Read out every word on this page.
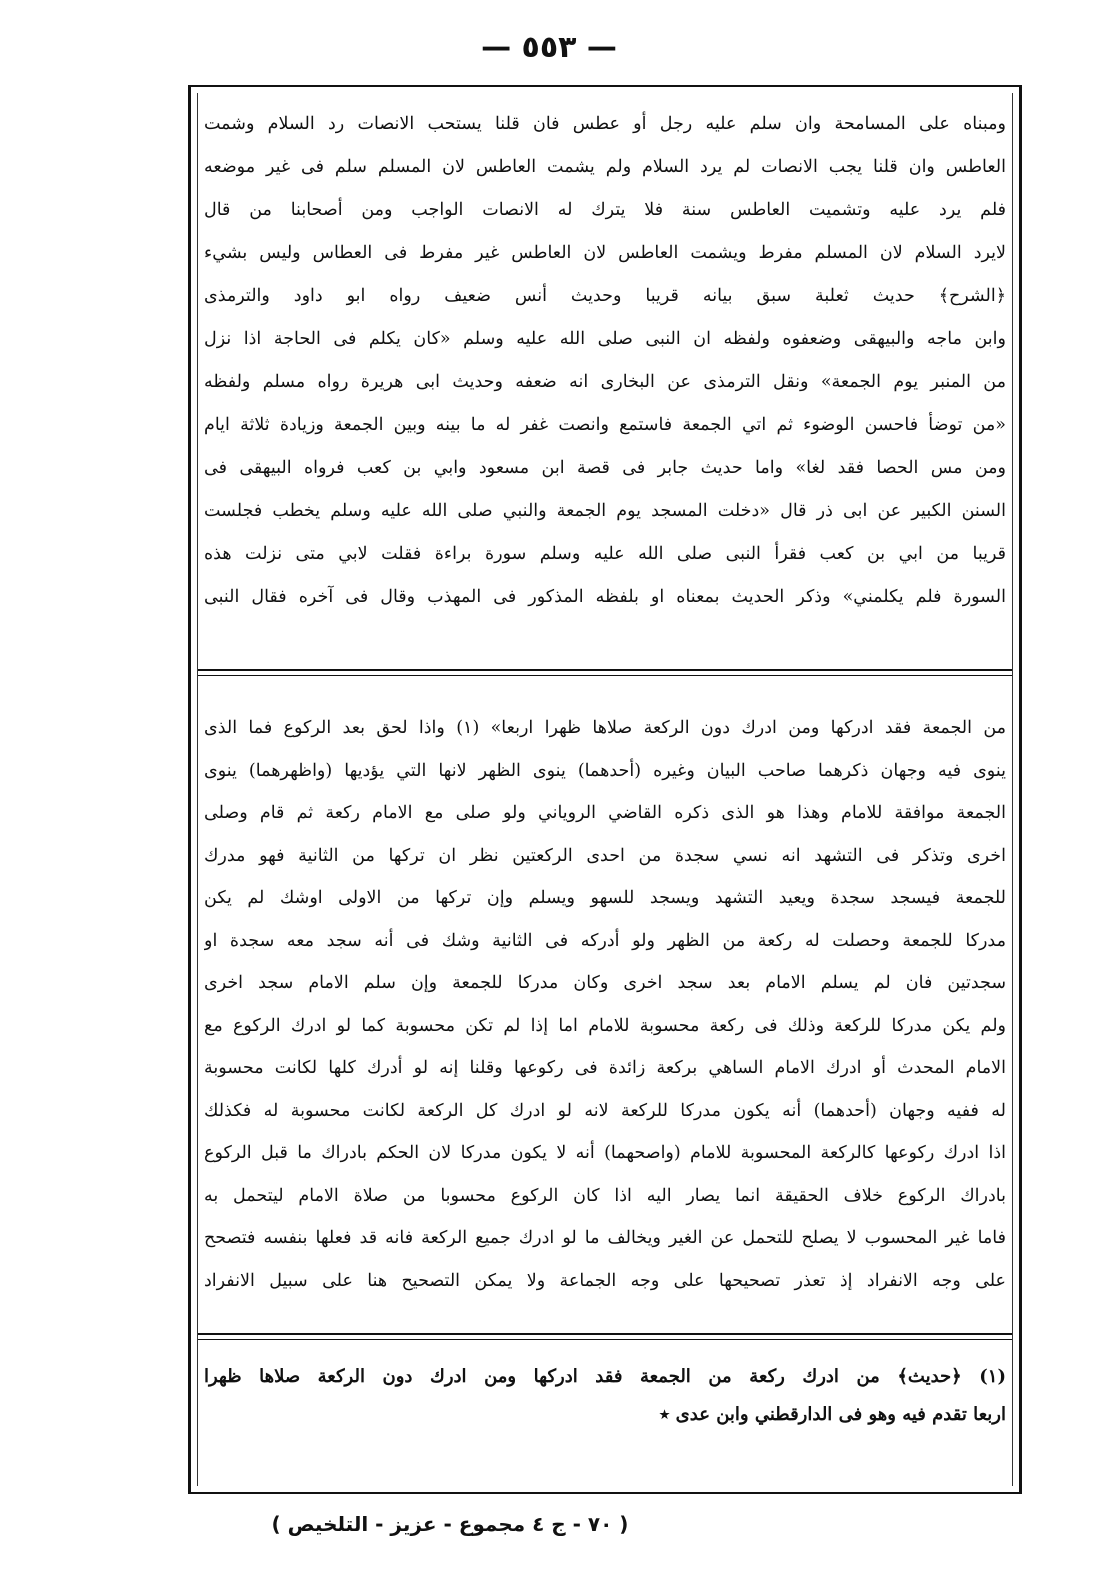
— ٥٥٣ —
ومبناه على المسامحة وان سلم عليه رجل أو عطس فان قلنا يستحب الانصات رد السلام وشمت
العاطس وان قلنا يجب الانصات لم يرد السلام ولم يشمت العاطس لان المسلم سلم فى غير موضعه
فلم يرد عليه وتشميت العاطس سنة فلا يترك له الانصات الواجب ومن أصحابنا من قال
لايرد السلام لان المسلم مفرط ويشمت العاطس لان العاطس غير مفرط فى العطاس وليس بشيء
﴿الشرح﴾ حديث ثعلبة سبق بيانه قريبا وحديث أنس ضعيف رواه ابو داود والترمذى
وابن ماجه والبيهقى وضعفوه ولفظه ان النبى صلى الله عليه وسلم «كان يكلم فى الحاجة اذا نزل
من المنبر يوم الجمعة» ونقل الترمذى عن البخارى انه ضعفه وحديث ابى هريرة رواه مسلم ولفظه
«من توضأ فاحسن الوضوء ثم اتي الجمعة فاستمع وانصت غفر له ما بينه وبين الجمعة وزيادة ثلاثة ايام
ومن مس الحصا فقد لغا» واما حديث جابر فى قصة ابن مسعود وابي بن كعب فرواه البيهقى فى
السنن الكبير عن ابى ذر قال «دخلت المسجد يوم الجمعة والنبي صلى الله عليه وسلم يخطب فجلست
قريبا من ابي بن كعب فقرأ النبى صلى الله عليه وسلم سورة براءة فقلت لابي متى نزلت هذه
السورة فلم يكلمني» وذكر الحديث بمعناه او بلفظه المذكور فى المهذب وقال فى آخره فقال النبى
من الجمعة فقد ادركها ومن ادرك دون الركعة صلاها ظهرا اربعا» (١) واذا لحق بعد الركوع فما الذى
ينوى فيه وجهان ذكرهما صاحب البيان وغيره (أحدهما) ينوى الظهر لانها التي يؤديها (واظهرهما) ينوى
الجمعة موافقة للامام وهذا هو الذى ذكره القاضي الروياني ولو صلى مع الامام ركعة ثم قام وصلى
اخرى وتذكر فى التشهد انه نسي سجدة من احدى الركعتين نظر ان تركها من الثانية فهو مدرك
للجمعة فيسجد سجدة ويعيد التشهد ويسجد للسهو ويسلم وإن تركها من الاولى اوشك لم يكن
مدركا للجمعة وحصلت له ركعة من الظهر ولو أدركه فى الثانية وشك فى أنه سجد معه سجدة او
سجدتين فان لم يسلم الامام بعد سجد اخرى وكان مدركا للجمعة وإن سلم الامام سجد اخرى
ولم يكن مدركا للركعة وذلك فى ركعة محسوبة للامام اما إذا لم تكن محسوبة كما لو ادرك الركوع مع
الامام المحدث أو ادرك الامام الساهي بركعة زائدة فى ركوعها وقلنا إنه لو أدرك كلها لكانت محسوبة
له ففيه وجهان (أحدهما) أنه يكون مدركا للركعة لانه لو ادرك كل الركعة لكانت محسوبة له فكذلك
اذا ادرك ركوعها كالركعة المحسوبة للامام (واصحهما) أنه لا يكون مدركا لان الحكم بادراك ما قبل الركوع
بادراك الركوع خلاف الحقيقة انما يصار اليه اذا كان الركوع محسوبا من صلاة الامام ليتحمل به
فاما غير المحسوب لا يصلح للتحمل عن الغير ويخالف ما لو ادرك جميع الركعة فانه قد فعلها بنفسه فتصحح
على وجه الانفراد إذ تعذر تصحيحها على وجه الجماعة ولا يمكن التصحيح هنا على سبيل الانفراد
(١) ﴿حديث﴾ من ادرك ركعة من الجمعة فقد ادركها ومن ادرك دون الركعة صلاها ظهرا
اربعا تقدم فيه وهو فى الدارقطني وابن عدى ٭
( ٧٠ - ج ٤ مجموع - عزيز - التلخيص )
